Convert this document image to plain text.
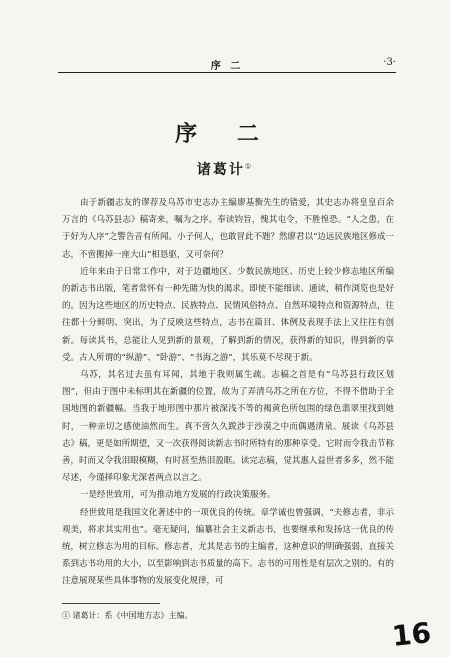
序 二	·3·
序 二
诸葛计①

由于新疆志友的谬荐及乌苏市史志办主编廖基衡先生的错爱，其史志办将皇皇百余万言的《乌苏县志》稿寄来，嘱为之序。奉读钧旨，愧其屯令，不胜惶恐。“人之患，在于好为人序”之警告音有所闻。小子何人，也敢冒此不韪？然廖君以“边远民族地区修成一志，不啻搬掉一座大山”相恳驱，又可奈何？

近年来由于日常工作中，对于边疆地区、少数民族地区、历史上较少修志地区所编的新志书出版，笔者常怀有一种先睹为快的渴求。即使不能细读、通读，稍作浏览也是好的。因为这些地区的历史特点、民族特点、民情风俗特点、自然环境特点和资源特点，往往都十分鲜明、突出，为了反映这些特点，志书在篇目、体例及表现手法上又往往有创新。每读其书，总能让人见到新的景观，了解到新的情况，获得新的知识，得到新的享受。古人所谓的“纵游”、“卧游”、“书海之游”，其乐莫不尽现于新。

乌苏，其名过去虽有耳闻，其地于我则属生疏。志稿之首是有“乌苏县行政区划图”，但由于图中未标明其在新疆的位置，故为了弄清乌苏之所在方位，不得不借助于全国地图的新疆幅。当我于地形图中那片被深浅不等的褐黄色所包围的绿色翡翠里找到她时，一种亲切之感使油然而生。真不啻久久跋涉于沙漠之中而偶遇清泉。展读《乌苏县志》稿，更是如所期望，又一次获得阅读新志书时所特有的那种享受。它时而令我击节称善，时而又令我泪眼模糊，有时甚至热泪盈眶。读完志稿，觉其惠人益世者多多，然不能尽述，今谨择印象尤深者两点以言之。

一是经世致用，可为推动地方发展的行政决策服务。

经世致用是我国文化著述中的一项优良的传统。章学诚也曾强调，“夫修志者，非示观美，将求其实用也”。毫无疑问，编纂社会主义新志书，也要继承和发扬这一优良的传统，树立修志为用的目标。修志者，尤其是志书的主编者，这种意识的明确强弱，直接关系到志书功用的大小，以至影响到志书质量的高下。志书的可用性是有层次之别的。有的注意展现某些具体事物的发展变化规律，可

① 诸葛计：系《中国地方志》主编。
16
